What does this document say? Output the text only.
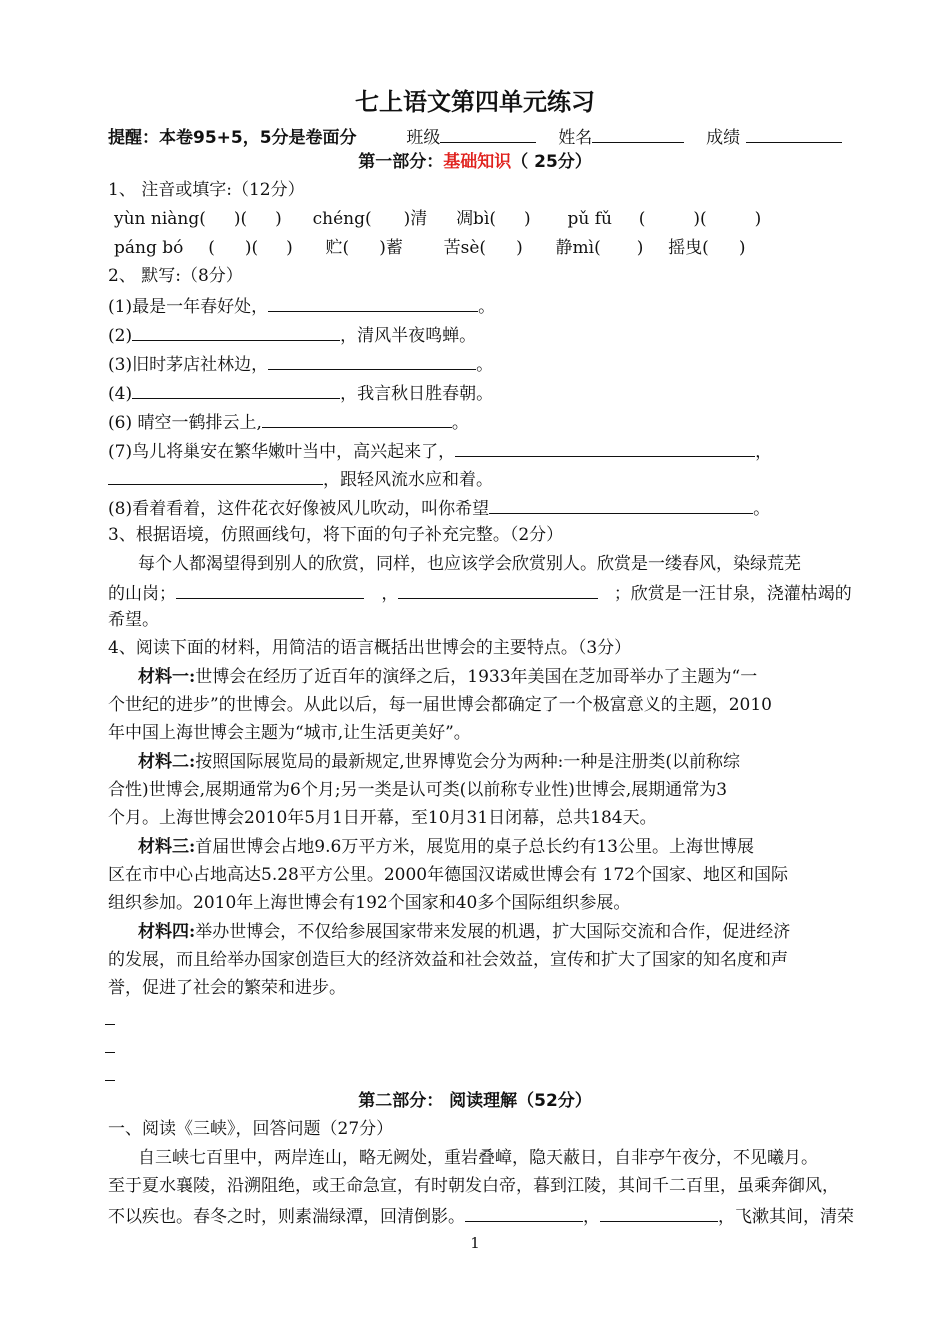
七上语文第四单元练习
提醒：本卷95+5，5分是卷面分	班级	姓名	成绩
第一部分：基础知识（ 25分）
1、 注音或填字:（12分）
yùn niàng( )( ) chéng( )清 凋bì( ) pǔ fǔ (	)(	)
páng bó ( )( ) 贮( )蓄 苦sè( ) 静mì( ) 摇曳( )
2、 默写:（8分）
(1)最是一年春好处，	。
(2)	，清风半夜鸣蝉。
(3)旧时茅店社林边，	。
(4)	，我言秋日胜春朝。
(6) 晴空一鹤排云上,	。
(7)鸟儿将巢安在繁华嫩叶当中，高兴起来了，	，
，跟轻风流水应和着。
(8)看着看着，这件花衣好像被风儿吹动，叫你希望	。
3、根据语境，仿照画线句，将下面的句子补充完整。（2分）
每个人都渴望得到别人的欣赏，同样，也应该学会欣赏别人。欣赏是一缕春风，染绿荒芜
的山岗；	，	；欣赏是一汪甘泉，浇灌枯竭的
希望。
4、阅读下面的材料，用简洁的语言概括出世博会的主要特点。（3分）
材料一:世博会在经历了近百年的演绎之后，1933年美国在芝加哥举办了主题为“一
个世纪的进步”的世博会。从此以后，每一届世博会都确定了一个极富意义的主题，2010
年中国上海世博会主题为“城市,让生活更美好”。
材料二:按照国际展览局的最新规定,世界博览会分为两种:一种是注册类(以前称综
合性)世博会,展期通常为6个月;另一类是认可类(以前称专业性)世博会,展期通常为3
个月。上海世博会2010年5月1日开幕，至10月31日闭幕，总共184天。
材料三:首届世博会占地9.6万平方米，展览用的桌子总长约有13公里。上海世博展
区在市中心占地高达5.28平方公里。2000年德国汉诺威世博会有 172个国家、地区和国际
组织参加。2010年上海世博会有192个国家和40多个国际组织参展。
材料四:举办世博会，不仅给参展国家带来发展的机遇，扩大国际交流和合作，促进经济
的发展，而且给举办国家创造巨大的经济效益和社会效益，宣传和扩大了国家的知名度和声
誉，促进了社会的繁荣和进步。
第二部分： 阅读理解（52分）
一、阅读《三峡》，回答问题（27分）
自三峡七百里中，两岸连山，略无阙处，重岩叠嶂，隐天蔽日，自非亭午夜分，不见曦月。
至于夏水襄陵，沿溯阻绝，或王命急宣，有时朝发白帝，暮到江陵，其间千二百里，虽乘奔御风，
不以疾也。春冬之时，则素湍绿潭，回清倒影。	，	，飞漱其间，清荣
1
